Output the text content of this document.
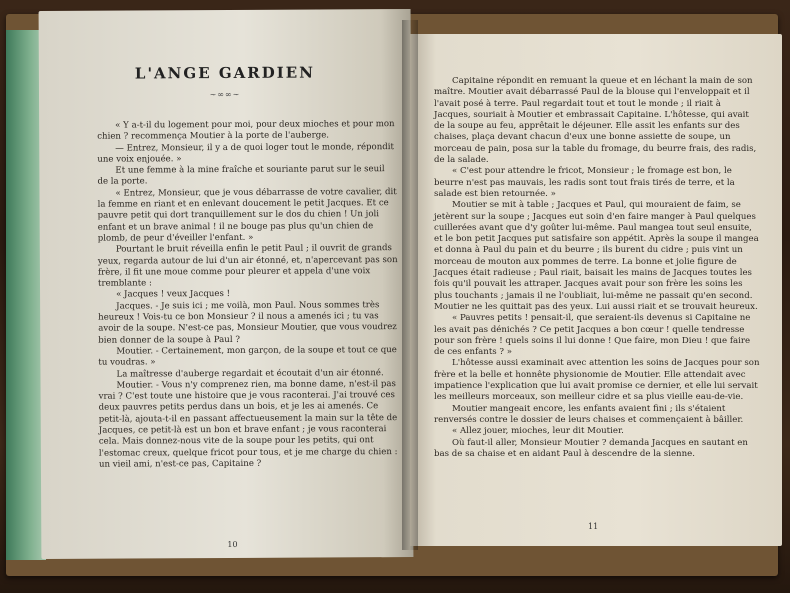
L'ANGE GARDIEN
~∞∞~

« Y a-t-il du logement pour moi, pour deux mioches et pour mon chien ? recommença Moutier à la porte de l'auberge.

— Entrez, Monsieur, il y a de quoi loger tout le monde, répondit une voix enjouée. »

Et une femme à la mine fraîche et souriante parut sur le seuil de la porte.

« Entrez, Monsieur, que je vous débarrasse de votre cavalier, dit la femme en riant et en enlevant doucement le petit Jacques. Et ce pauvre petit qui dort tranquillement sur le dos du chien ! Un joli enfant et un brave animal ! il ne bouge pas plus qu'un chien de plomb, de peur d'éveiller l'enfant. »

Pourtant le bruit réveilla enfin le petit Paul ; il ouvrit de grands yeux, regarda autour de lui d'un air étonné, et, n'apercevant pas son frère, il fit une moue comme pour pleurer et appela d'une voix tremblante :

« Jacques ! veux Jacques !

Jacques. - Je suis ici ; me voilà, mon Paul. Nous sommes très heureux ! Vois-tu ce bon Monsieur ? il nous a amenés ici ; tu vas avoir de la soupe. N'est-ce pas, Monsieur Moutier, que vous voudrez bien donner de la soupe à Paul ?

Moutier. - Certainement, mon garçon, de la soupe et tout ce que tu voudras. »

La maîtresse d'auberge regardait et écoutait d'un air étonné.

Moutier. - Vous n'y comprenez rien, ma bonne dame, n'est-il pas vrai ? C'est toute une histoire que je vous raconterai. J'ai trouvé ces deux pauvres petits perdus dans un bois, et je les ai amenés. Ce petit-là, ajouta-t-il en passant affectueusement la main sur la tête de Jacques, ce petit-là est un bon et brave enfant ; je vous raconterai cela. Mais donnez-nous vite de la soupe pour les petits, qui ont l'estomac creux, quelque fricot pour tous, et je me charge du chien : un vieil ami, n'est-ce pas, Capitaine ?

10

Capitaine répondit en remuant la queue et en léchant la main de son maître. Moutier avait débarrassé Paul de la blouse qui l'enveloppait et il l'avait posé à terre. Paul regardait tout et tout le monde ; il riait à Jacques, souriait à Moutier et embrassait Capitaine. L'hôtesse, qui avait de la soupe au feu, apprêtait le déjeuner. Elle assit les enfants sur des chaises, plaça devant chacun d'eux une bonne assiette de soupe, un morceau de pain, posa sur la table du fromage, du beurre frais, des radis, de la salade.

« C'est pour attendre le fricot, Monsieur ; le fromage est bon, le beurre n'est pas mauvais, les radis sont tout frais tirés de terre, et la salade est bien retournée. »

Moutier se mit à table ; Jacques et Paul, qui mouraient de faim, se jetèrent sur la soupe ; Jacques eut soin d'en faire manger à Paul quelques cuillerées avant que d'y goûter lui-même. Paul mangea tout seul ensuite, et le bon petit Jacques put satisfaire son appétit. Après la soupe il mangea et donna à Paul du pain et du beurre ; ils burent du cidre ; puis vint un morceau de mouton aux pommes de terre. La bonne et jolie figure de Jacques était radieuse ; Paul riait, baisait les mains de Jacques toutes les fois qu'il pouvait les attraper. Jacques avait pour son frère les soins les plus touchants ; jamais il ne l'oubliait, lui-même ne passait qu'en second. Moutier ne les quittait pas des yeux. Lui aussi riait et se trouvait heureux.

« Pauvres petits ! pensait-il, que seraient-ils devenus si Capitaine ne les avait pas dénichés ? Ce petit Jacques a bon cœur ! quelle tendresse pour son frère ! quels soins il lui donne ! Que faire, mon Dieu ! que faire de ces enfants ? »

L'hôtesse aussi examinait avec attention les soins de Jacques pour son frère et la belle et honnête physionomie de Moutier. Elle attendait avec impatience l'explication que lui avait promise ce dernier, et elle lui servait les meilleurs morceaux, son meilleur cidre et sa plus vieille eau-de-vie.

Moutier mangeait encore, les enfants avaient fini ; ils s'étaient renversés contre le dossier de leurs chaises et commençaient à bâiller.

« Allez jouer, mioches, leur dit Moutier.

Où faut-il aller, Monsieur Moutier ? demanda Jacques en sautant en bas de sa chaise et en aidant Paul à descendre de la sienne.

11
